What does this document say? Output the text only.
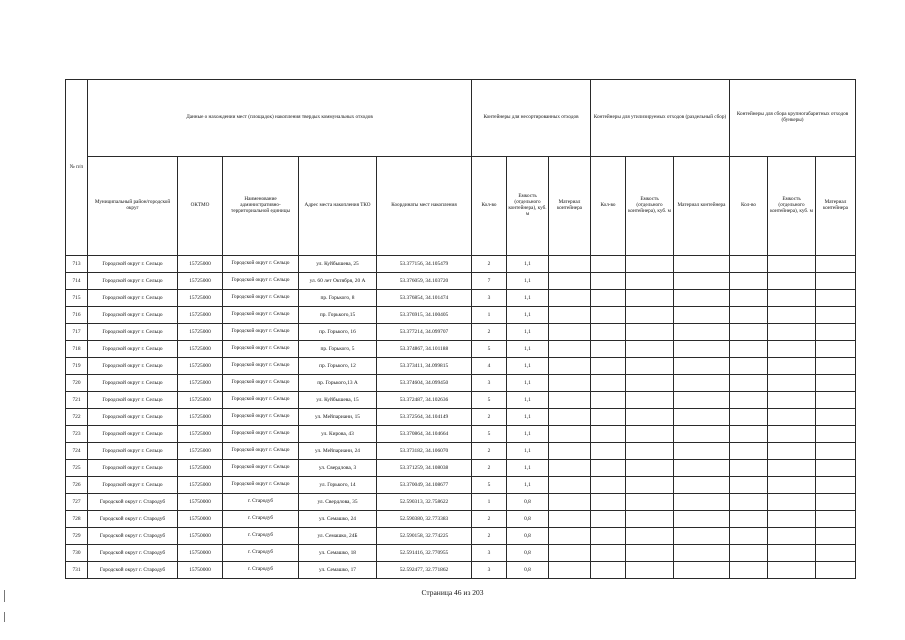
№ п/п	Данные о нахождении мест (площадок) накопления твердых коммунальных отходов					Контейнеры для несортированных отходов			Контейнеры для утилизируемых отходов (раздельный сбор)			Контейнеры для сбора крупногабаритных отходов (бункеры)		
	Муниципальный район/городской округ	ОКТМО	Наименование административно-территориальной единицы	Адрес места накопления ТКО	Координаты мест накопления	Кол-во	Емкость (отдельного контейнера), куб. м	Материал контейнера	Кол-во	Емкость (отдельного контейнера), куб. м	Материал контейнера	Кол-во	Емкость (отдельного контейнера), куб. м	Материал контейнера
713	Городской округ г. Сельцо	15725000	Городской округ г. Сельцо	ул. Куйбышева, 25	53.377156, 34.105479	2	1,1							
714	Городской округ г. Сельцо	15725000	Городской округ г. Сельцо	ул. 60 лет Октября, 20 А	53.376059, 34.103720	7	1,1							
715	Городской округ г. Сельцо	15725000	Городской округ г. Сельцо	пр. Горького, 8	53.376854, 34.101474	3	1,1							
716	Городской округ г. Сельцо	15725000	Городской округ г. Сельцо	пр. Горького,15	53.376915, 34.100405	1	1,1							
717	Городской округ г. Сельцо	15725000	Городской округ г. Сельцо	пр. Горького, 16	53.377214, 34.099707	2	1,1							
718	Городской округ г. Сельцо	15725000	Городской округ г. Сельцо	пр. Горького, 5	53.374867, 34.101188	5	1,1							
719	Городской округ г. Сельцо	15725000	Городской округ г. Сельцо	пр. Горького, 12	53.373411, 34.099815	4	1,1							
720	Городской округ г. Сельцо	15725000	Городской округ г. Сельцо	пр. Горького,13 А	53.374604, 34.099450	3	1,1							
721	Городской округ г. Сельцо	15725000	Городской округ г. Сельцо	ул. Куйбышева, 15	53.372487, 34.102636	5	1,1							
722	Городской округ г. Сельцо	15725000	Городской округ г. Сельцо	ул. Мейпариани, 15	53.372564, 34.104149	2	1,1							
723	Городской округ г. Сельцо	15725000	Городской округ г. Сельцо	ул. Кирова, 43	53.370864, 34.104664	5	1,1							
724	Городской округ г. Сельцо	15725000	Городской округ г. Сельцо	ул. Мейпариани, 24	53.373182, 34.106070	2	1,1							
725	Городской округ г. Сельцо	15725000	Городской округ г. Сельцо	ул. Свердлова, 3	53.371259, 34.108038	2	1,1							
726	Городской округ г. Сельцо	15725000	Городской округ г. Сельцо	ул. Горького, 14	53.370049, 34.108677	5	1,1							
727	Городской округ г. Стародуб	15750000	г. Стародуб	ул. Свердлова, 35	52.590313, 32.758622	1	0,8							
728	Городской округ г. Стародуб	15750000	г. Стародуб	ул. Семашко, 24	52.590380, 32.773383	2	0,8							
729	Городской округ г. Стародуб	15750000	г. Стародуб	ул. Семашко, 24Б	52.590158, 32.774225	2	0,8							
730	Городской округ г. Стародуб	15750000	г. Стародуб	ул. Семашко, 18	52.591416, 32.770955	3	0,8							
731	Городской округ г. Стародуб	15750000	г. Стародуб	ул. Семашко, 17	52.592477, 32.771862	3	0,8							
Страница 46 из 203
